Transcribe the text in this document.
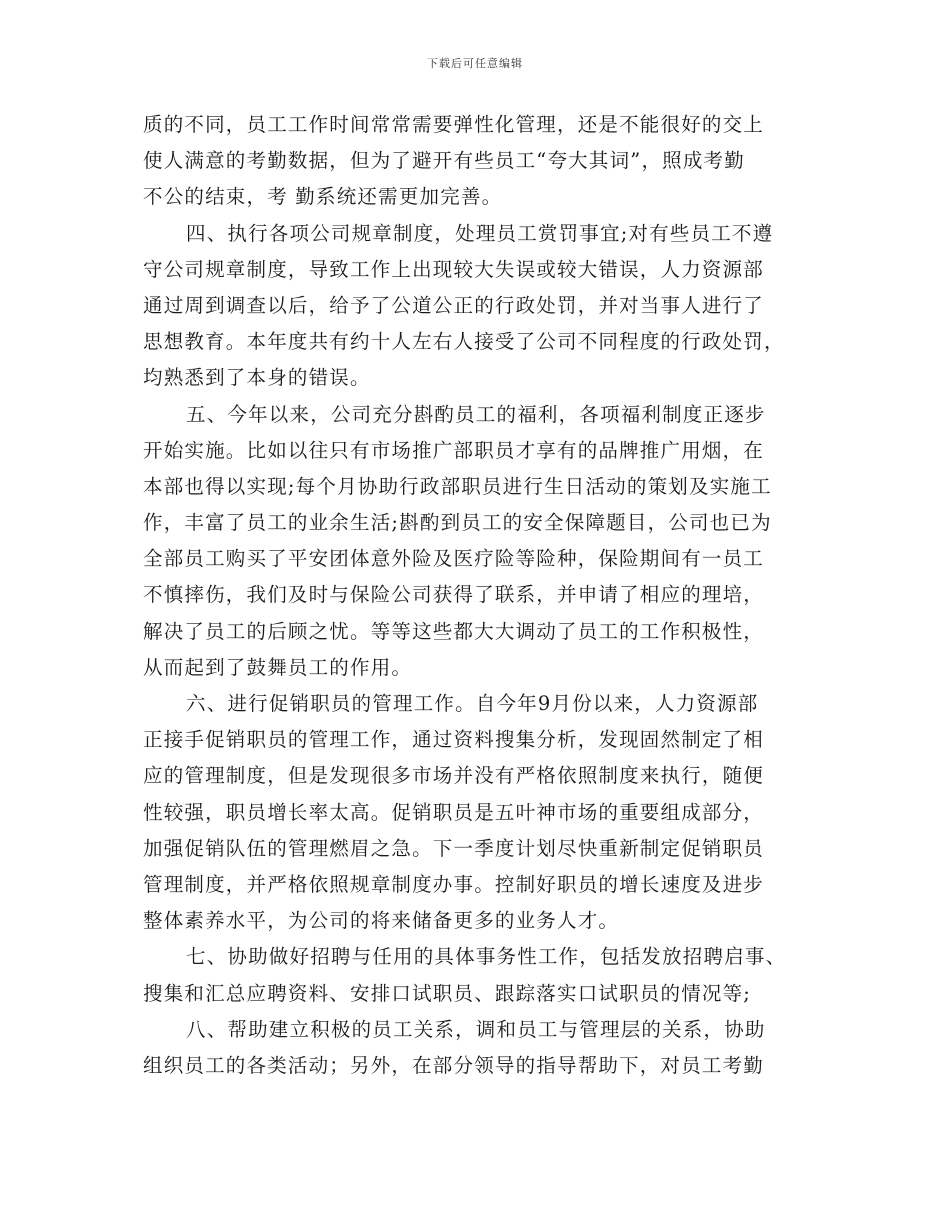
下载后可任意编辑
质的不同，员工工作时间常常需要弹性化管理，还是不能很好的交上
使人满意的考勤数据，但为了避开有些员工“夸大其词”，照成考勤
不公的结束，考 勤系统还需更加完善。
四、执行各项公司规章制度，处理员工赏罚事宜;对有些员工不遵
守公司规章制度，导致工作上出现较大失误或较大错误，人力资源部
通过周到调查以后，给予了公道公正的行政处罚，并对当事人进行了
思想教育。本年度共有约十人左右人接受了公司不同程度的行政处罚，
均熟悉到了本身的错误。
五、今年以来，公司充分斟酌员工的福利，各项福利制度正逐步
开始实施。比如以往只有市场推广部职员才享有的品牌推广用烟，在
本部也得以实现;每个月协助行政部职员进行生日活动的策划及实施工
作，丰富了员工的业余生活;斟酌到员工的安全保障题目，公司也已为
全部员工购买了平安团体意外险及医疗险等险种，保险期间有一员工
不慎摔伤，我们及时与保险公司获得了联系，并申请了相应的理培，
解决了员工的后顾之忧。等等这些都大大调动了员工的工作积极性，
从而起到了鼓舞员工的作用。
六、进行促销职员的管理工作。自今年9月份以来，人力资源部
正接手促销职员的管理工作，通过资料搜集分析，发现固然制定了相
应的管理制度，但是发现很多市场并没有严格依照制度来执行，随便
性较强，职员增长率太高。促销职员是五叶神市场的重要组成部分，
加强促销队伍的管理燃眉之急。下一季度计划尽快重新制定促销职员
管理制度，并严格依照规章制度办事。控制好职员的增长速度及进步
整体素养水平，为公司的将来储备更多的业务人才。
七、协助做好招聘与任用的具体事务性工作，包括发放招聘启事、
搜集和汇总应聘资料、安排口试职员、跟踪落实口试职员的情况等;
八、帮助建立积极的员工关系，调和员工与管理层的关系，协助
组织员工的各类活动；另外，在部分领导的指导帮助下，对员工考勤
